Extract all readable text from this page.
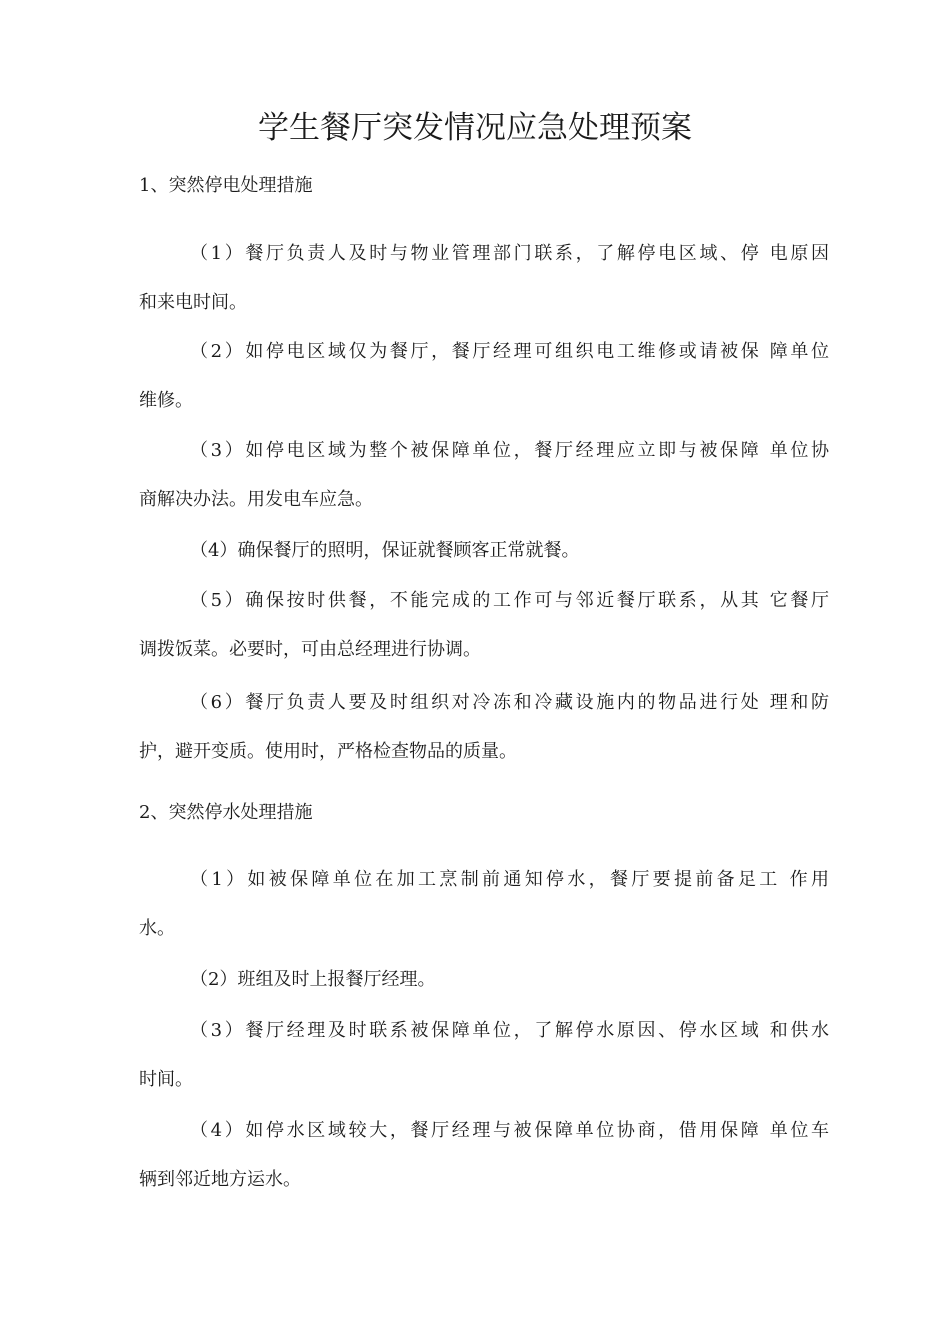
学生餐厅突发情况应急处理预案
1、突然停电处理措施
（1）餐厅负责人及时与物业管理部门联系，了解停电区域、停 电原因
和来电时间。
（2）如停电区域仅为餐厅，餐厅经理可组织电工维修或请被保 障单位
维修。
（3）如停电区域为整个被保障单位，餐厅经理应立即与被保障 单位协
商解决办法。用发电车应急。
（4）确保餐厅的照明，保证就餐顾客正常就餐。
（5）确保按时供餐，不能完成的工作可与邻近餐厅联系，从其 它餐厅
调拨饭菜。必要时，可由总经理进行协调。
（6）餐厅负责人要及时组织对冷冻和冷藏设施内的物品进行处 理和防
护，避开变质。使用时，严格检查物品的质量。
2、突然停水处理措施
（1）如被保障单位在加工烹制前通知停水，餐厅要提前备足工 作用
水。
（2）班组及时上报餐厅经理。
（3）餐厅经理及时联系被保障单位，了解停水原因、停水区域 和供水
时间。
（4）如停水区域较大，餐厅经理与被保障单位协商，借用保障 单位车
辆到邻近地方运水。
